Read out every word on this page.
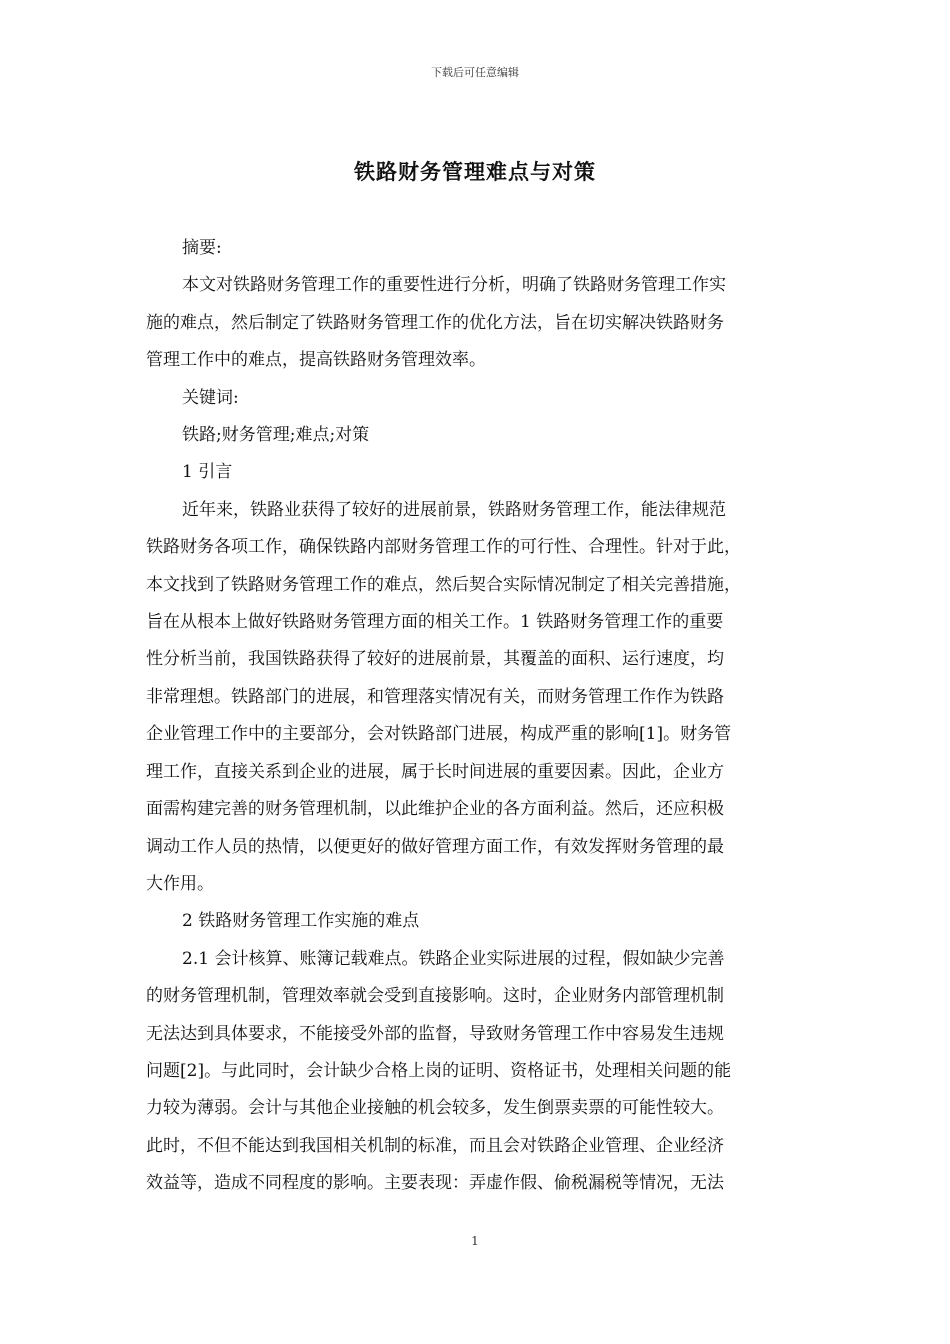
下载后可任意编辑
铁路财务管理难点与对策
摘要:
本文对铁路财务管理工作的重要性进行分析，明确了铁路财务管理工作实
施的难点，然后制定了铁路财务管理工作的优化方法，旨在切实解决铁路财务
管理工作中的难点，提高铁路财务管理效率。
关键词:
铁路;财务管理;难点;对策
1 引言
近年来，铁路业获得了较好的进展前景，铁路财务管理工作，能法律规范
铁路财务各项工作，确保铁路内部财务管理工作的可行性、合理性。针对于此，
本文找到了铁路财务管理工作的难点，然后契合实际情况制定了相关完善措施，
旨在从根本上做好铁路财务管理方面的相关工作。1 铁路财务管理工作的重要
性分析当前，我国铁路获得了较好的进展前景，其覆盖的面积、运行速度，均
非常理想。铁路部门的进展，和管理落实情况有关，而财务管理工作作为铁路
企业管理工作中的主要部分，会对铁路部门进展，构成严重的影响[1]。财务管
理工作，直接关系到企业的进展，属于长时间进展的重要因素。因此，企业方
面需构建完善的财务管理机制，以此维护企业的各方面利益。然后，还应积极
调动工作人员的热情，以便更好的做好管理方面工作，有效发挥财务管理的最
大作用。
2 铁路财务管理工作实施的难点
2.1 会计核算、账簿记载难点。铁路企业实际进展的过程，假如缺少完善
的财务管理机制，管理效率就会受到直接影响。这时，企业财务内部管理机制
无法达到具体要求，不能接受外部的监督，导致财务管理工作中容易发生违规
问题[2]。与此同时，会计缺少合格上岗的证明、资格证书，处理相关问题的能
力较为薄弱。会计与其他企业接触的机会较多，发生倒票卖票的可能性较大。
此时，不但不能达到我国相关机制的标准，而且会对铁路企业管理、企业经济
效益等，造成不同程度的影响。主要表现：弄虚作假、偷税漏税等情况，无法
1
